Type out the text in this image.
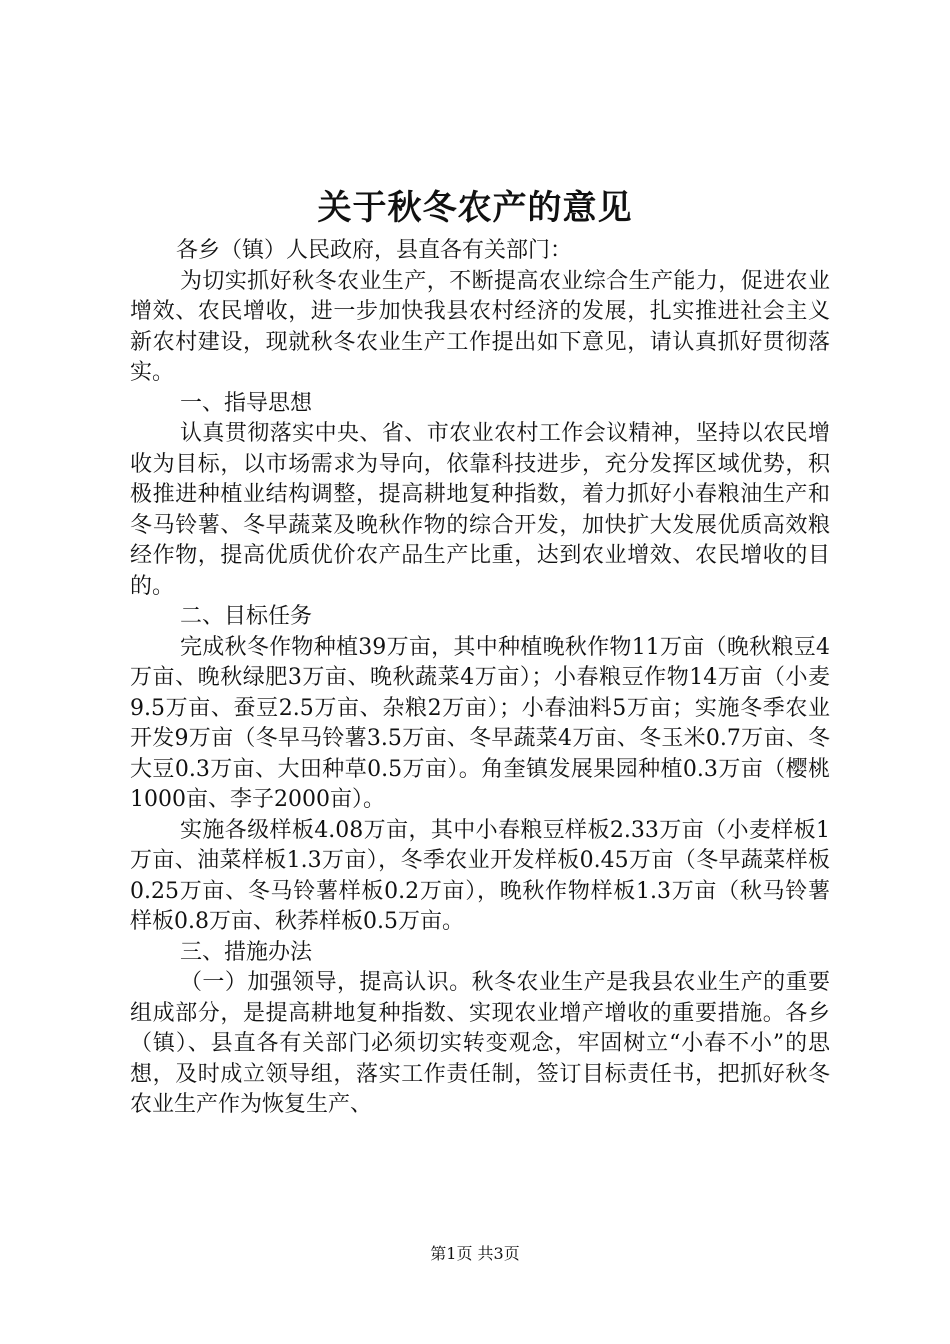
关于秋冬农产的意见

各乡（镇）人民政府，县直各有关部门：

为切实抓好秋冬农业生产，不断提高农业综合生产能力，促进农业增效、农民增收，进一步加快我县农村经济的发展，扎实推进社会主义新农村建设，现就秋冬农业生产工作提出如下意见，请认真抓好贯彻落实。

一、指导思想

认真贯彻落实中央、省、市农业农村工作会议精神，坚持以农民增收为目标，以市场需求为导向，依靠科技进步，充分发挥区域优势，积极推进种植业结构调整，提高耕地复种指数，着力抓好小春粮油生产和冬马铃薯、冬早蔬菜及晚秋作物的综合开发，加快扩大发展优质高效粮经作物，提高优质优价农产品生产比重，达到农业增效、农民增收的目的。

二、目标任务

完成秋冬作物种植39万亩，其中种植晚秋作物11万亩（晚秋粮豆4万亩、晚秋绿肥3万亩、晚秋蔬菜4万亩）；小春粮豆作物14万亩（小麦9.5万亩、蚕豆2.5万亩、杂粮2万亩）；小春油料5万亩；实施冬季农业开发9万亩（冬早马铃薯3.5万亩、冬早蔬菜4万亩、冬玉米0.7万亩、冬大豆0.3万亩、大田种草0.5万亩）。角奎镇发展果园种植0.3万亩（樱桃1000亩、李子2000亩）。

实施各级样板4.08万亩，其中小春粮豆样板2.33万亩（小麦样板1万亩、油菜样板1.3万亩），冬季农业开发样板0.45万亩（冬早蔬菜样板0.25万亩、冬马铃薯样板0.2万亩），晚秋作物样板1.3万亩（秋马铃薯样板0.8万亩、秋荞样板0.5万亩。

三、措施办法

（一）加强领导，提高认识。秋冬农业生产是我县农业生产的重要组成部分，是提高耕地复种指数、实现农业增产增收的重要措施。各乡（镇）、县直各有关部门必须切实转变观念，牢固树立“小春不小”的思想，及时成立领导组，落实工作责任制，签订目标责任书，把抓好秋冬农业生产作为恢复生产、

第1页 共3页
